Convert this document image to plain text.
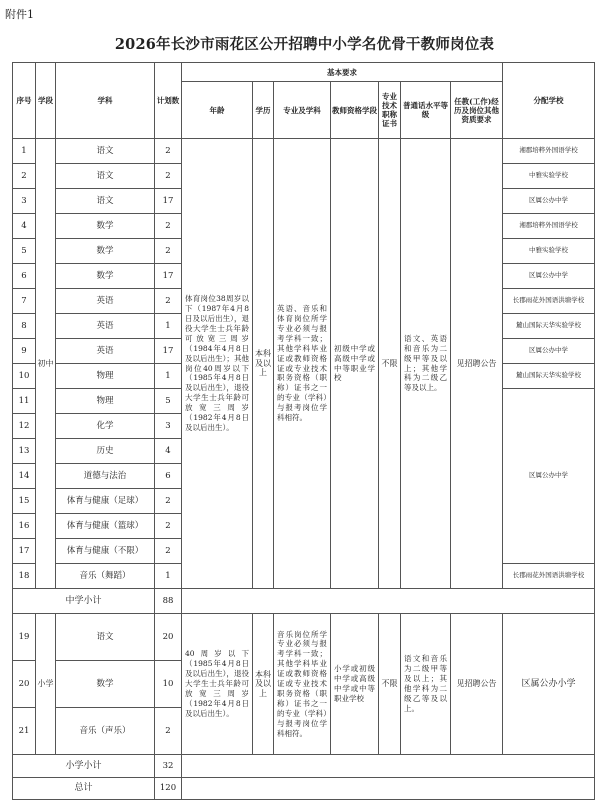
附件1
2026年长沙市雨花区公开招聘中小学名优骨干教师岗位表
序号	学段	学科	计划数	基本要求							分配学校
				年龄	学历	专业及学科	教师资格学段	专业技术职称证书	普通话水平等级	任教(工作)经历及岗位其他资质要求	
1	初中	语文	2	体育岗位38周岁以下（1987年4月8日及以后出生），退役大学生士兵年龄可放宽三周岁（1984年4月8日及以后出生）；其他岗位40周岁以下（1985年4月8日及以后出生），退役大学生士兵年龄可放宽三周岁（1982年4月8日及以后出生）。	本科及以上	英语、音乐和体育岗位所学专业必须与报考学科一致；其他学科毕业证或教师资格证或专业技术职务资格（职称）证书之一的专业（学科）与报考岗位学科相符。	初级中学或高级中学或中等职业学校	不限	语文、英语和音乐为二级甲等及以上；其他学科为二级乙等及以上。	见招聘公告	湘郡培粹外国语学校
2		语文	2								中雅实验学校
3		语文	17								区属公办中学
4		数学	2								湘郡培粹外国语学校
5		数学	2								中雅实验学校
6		数学	17								区属公办中学
7		英语	2								长郡雨花外国语洪塘学校
8		英语	1								麓山国际天华实验学校
9		英语	17								区属公办中学
10		物理	1								麓山国际天华实验学校
11		物理	5								区属公办中学
12		化学	3								
13		历史	4								
14		道德与法治	6								
15		体育与健康（足球）	2								
16		体育与健康（篮球）	2								
17		体育与健康（不限）	2								
18		音乐（舞蹈）	1								长郡雨花外国语洪塘学校
中学小计			88								
19	小学	语文	20	40周岁以下（1985年4月8日及以后出生），退役大学生士兵年龄可放宽三周岁（1982年4月8日及以后出生）。	本科及以上	音乐岗位所学专业必须与报考学科一致；其他学科毕业证或教师资格证或专业技术职务资格（职称）证书之一的专业（学科）与报考岗位学科相符。	小学或初级中学或高级中学或中等职业学校	不限	语文和音乐为二级甲等及以上；其他学科为二级乙等及以上。	见招聘公告	区属公办小学
20		数学	10								
21		音乐（声乐）	2								
小学小计			32								
总计			120								
